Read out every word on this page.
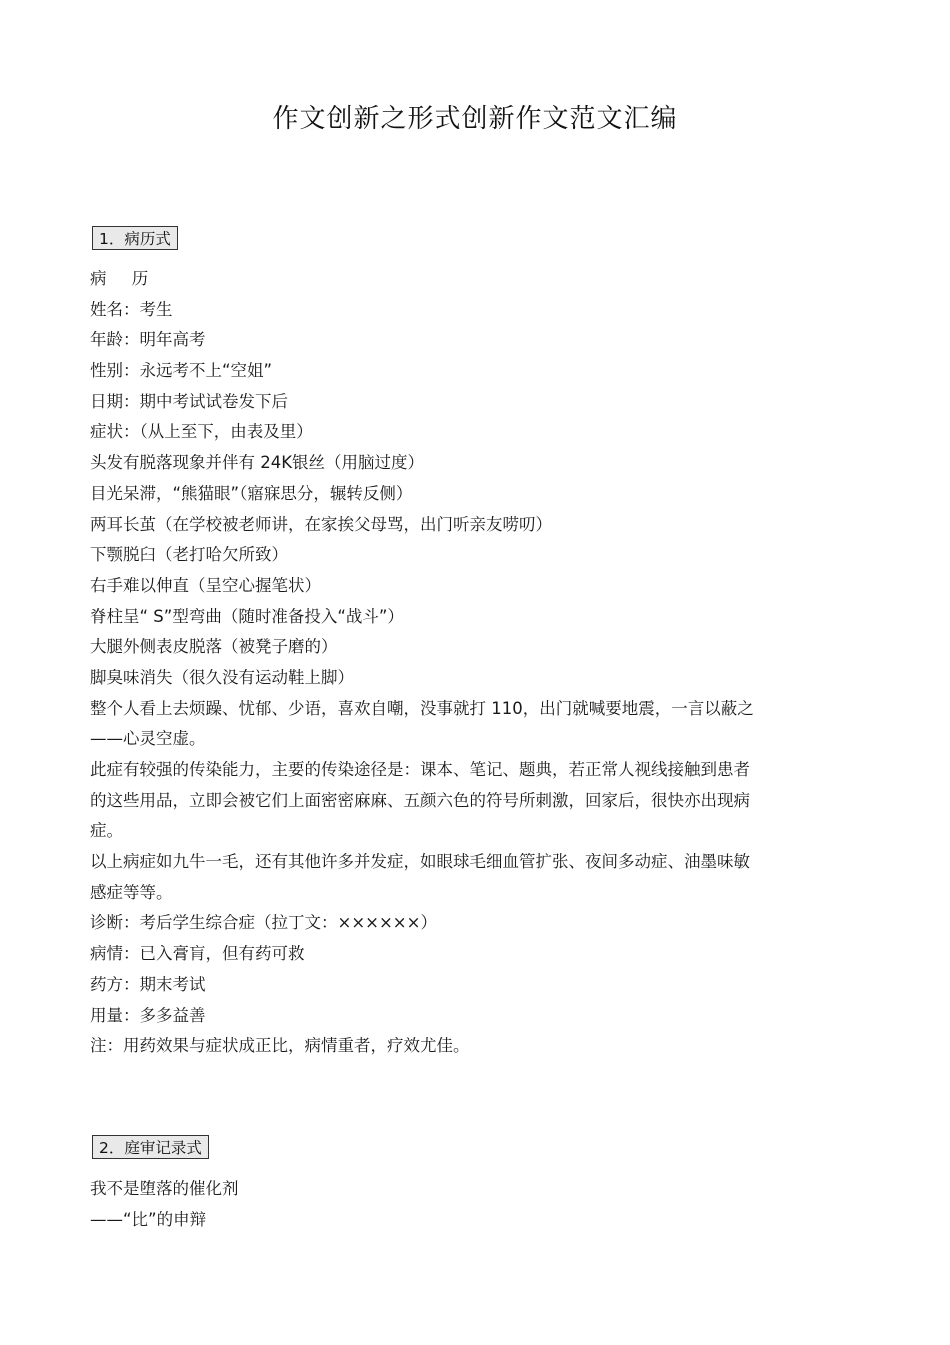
作文创新之形式创新作文范文汇编
1．病历式
病 历
姓名：考生
年龄：明年高考
性别：永远考不上“空姐”
日期：期中考试试卷发下后
症状：（从上至下，由表及里）
头发有脱落现象并伴有 24K银丝（用脑过度）
目光呆滞，“熊猫眼”（寤寐思分，辗转反侧）
两耳长茧（在学校被老师讲，在家挨父母骂，出门听亲友唠叨）
下颚脱臼（老打哈欠所致）
右手难以伸直（呈空心握笔状）
脊柱呈“ S”型弯曲（随时准备投入“战斗”）
大腿外侧表皮脱落（被凳子磨的）
脚臭味消失（很久没有运动鞋上脚）
整个人看上去烦躁、忧郁、少语，喜欢自嘲，没事就打 110，出门就喊要地震，一言以蔽之
——心灵空虚。
此症有较强的传染能力，主要的传染途径是：课本、笔记、题典，若正常人视线接触到患者
的这些用品，立即会被它们上面密密麻麻、五颜六色的符号所刺激，回家后，很快亦出现病
症。
以上病症如九牛一毛，还有其他许多并发症，如眼球毛细血管扩张、夜间多动症、油墨味敏
感症等等。
诊断：考后学生综合症（拉丁文：××××××）
病情：已入膏肓，但有药可救
药方：期末考试
用量：多多益善
注：用药效果与症状成正比，病情重者，疗效尤佳。
2．庭审记录式
我不是堕落的催化剂
——“比”的申辩
